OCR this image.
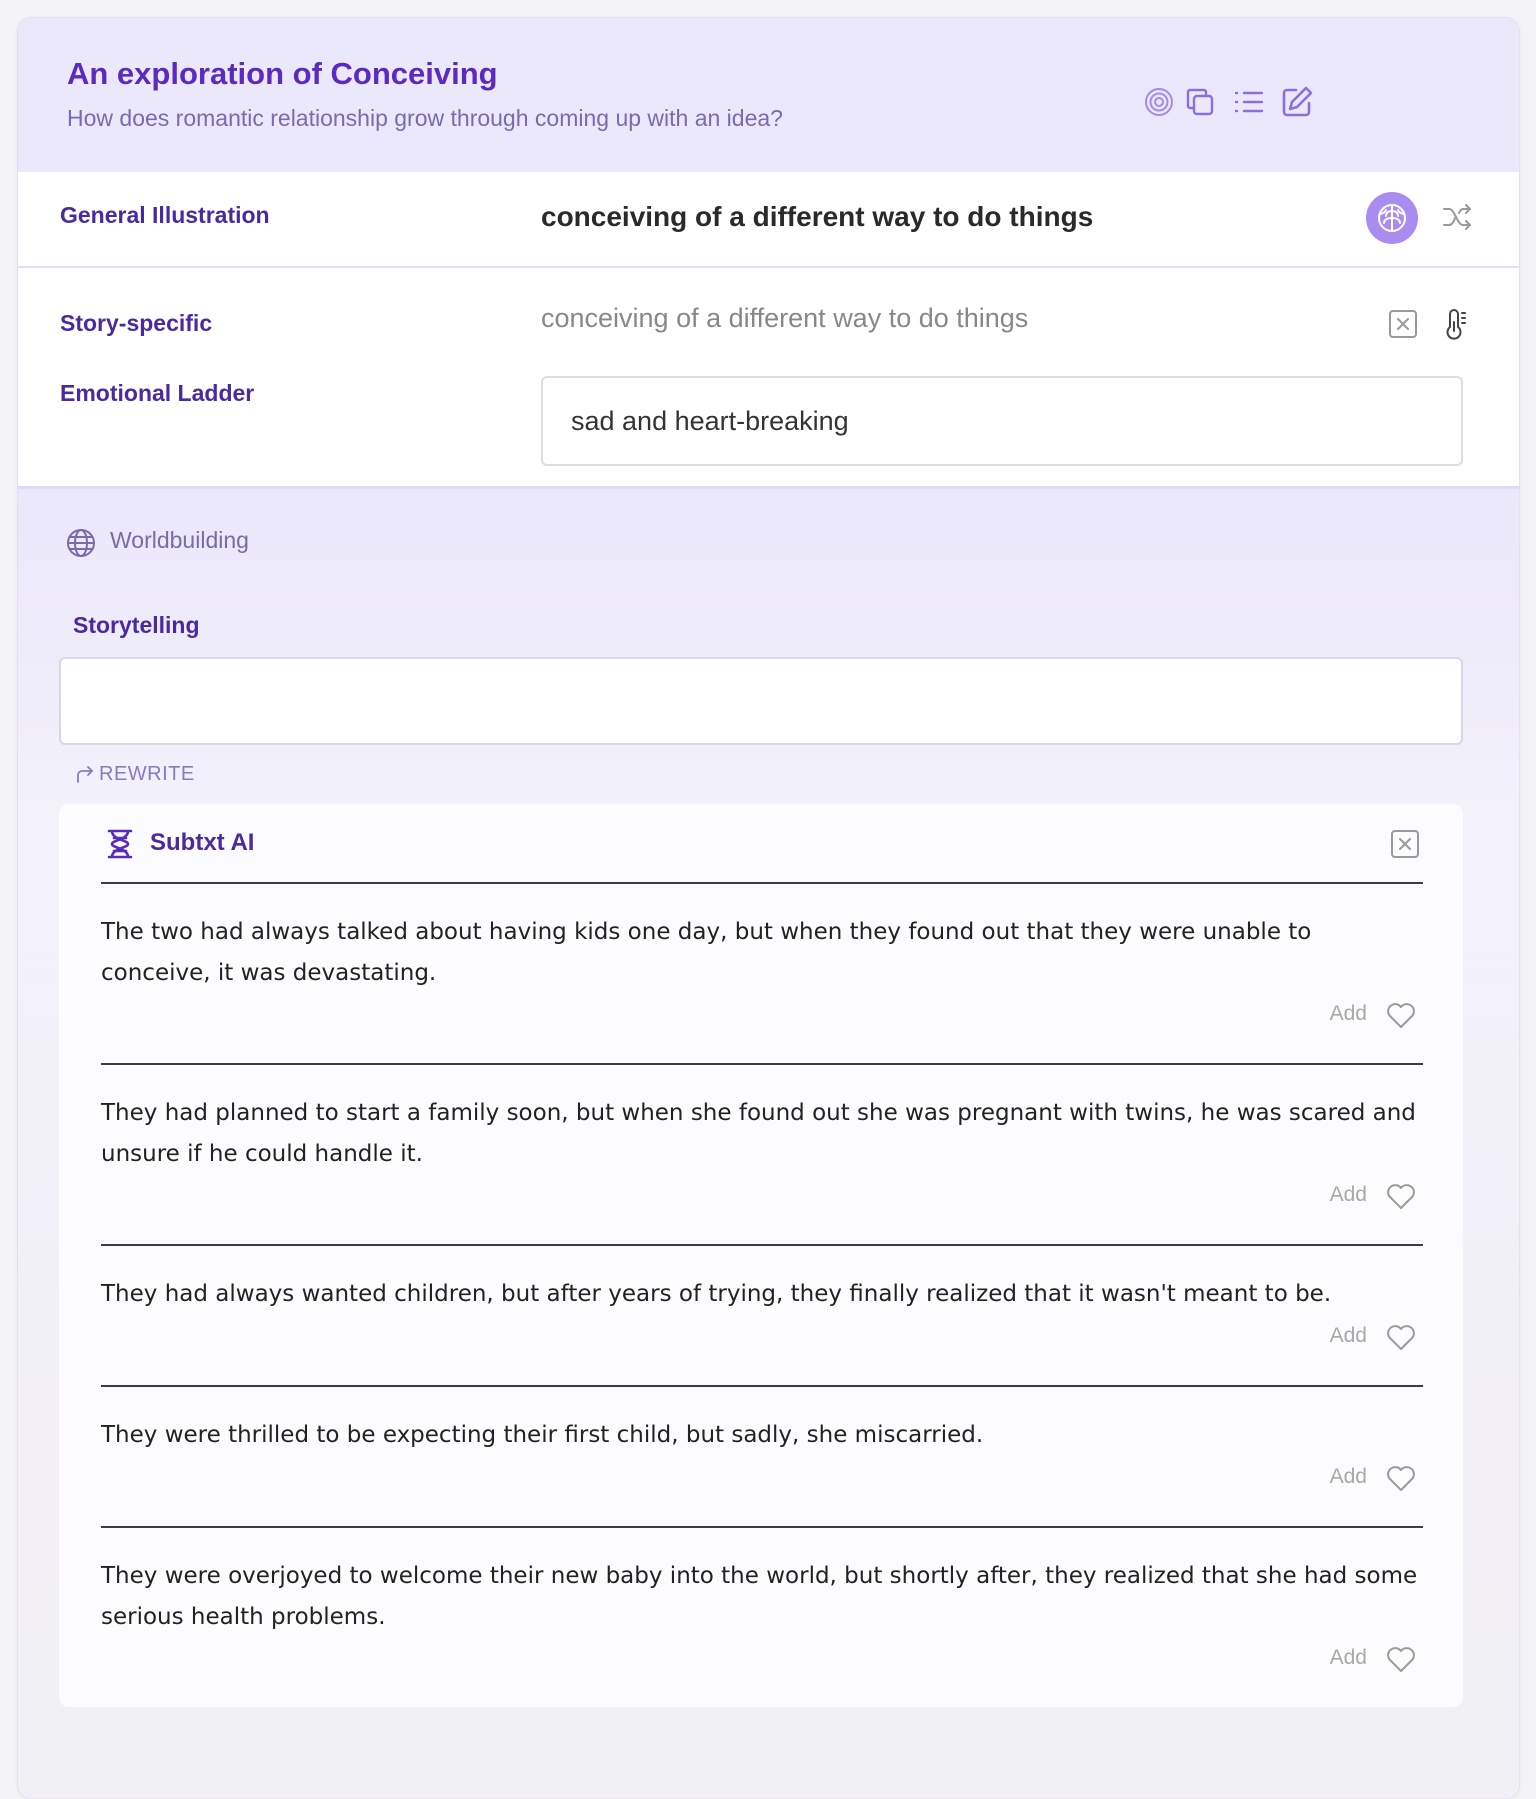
An exploration of Conceiving
How does romantic relationship grow through coming up with an idea?
General Illustration	conceiving of a different way to do things
Story-specific	conceiving of a different way to do things
Emotional Ladder
sad and heart-breaking
Worldbuilding
Storytelling
REWRITE
Subtxt AI
The two had always talked about having kids one day, but when they found out that they were unable to conceive, it was devastating.
Add
They had planned to start a family soon, but when she found out she was pregnant with twins, he was scared and unsure if he could handle it.
Add
They had always wanted children, but after years of trying, they finally realized that it wasn't meant to be.
Add
They were thrilled to be expecting their first child, but sadly, she miscarried.
Add
They were overjoyed to welcome their new baby into the world, but shortly after, they realized that she had some serious health problems.
Add
